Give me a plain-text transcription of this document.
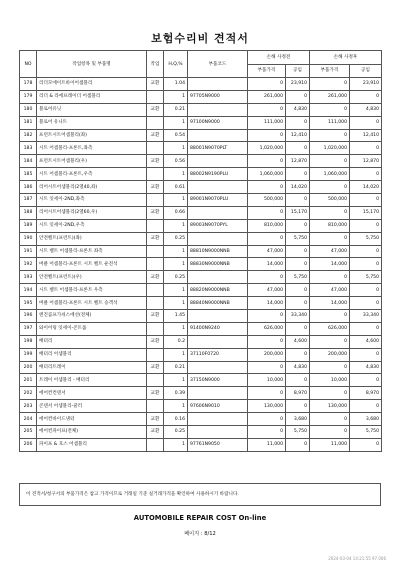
보험수리비 견적서
NO	작업항목 및 부품명	작업	H,Q,%	부품코드	손해 사정전		손해 사정후	
					부품가격	공임	부품가격	공임
178	리더모에이트바이어셈블리	교환	1.04		0	23,910	0	23,910
179	리더 & 라에프레이더 어셈블리		1	97705N9000	261,000	0	261,000	0
180	블로어유닛	교환	0.21		0	4,830	0	4,830
181	블로어 유니트		1	97100N9000	111,000	0	111,000	0
182	프런트시트어셈블리(좌)	교환	0.54		0	12,410	0	12,410
183	시트 어셈블리-프론트,좌측		1	88001N9070PLT	1,020,000	0	1,020,000	0
184	프런트시트어셈블리(우)	교환	0.56		0	12,870	0	12,870
185	시트 어셈블리-프론트,우측		1	88002N9190PLU	1,060,000	0	1,060,000	0
186	리어시트어셈블리(2열40,좌)	교환	0.61		0	14,020	0	14,020
187	시트 잇세이-2ND,좌측		1	89001N9070PLU	500,000	0	500,000	0
188	리어시트어셈블리(2열60,우)	교환	0.66		0	15,170	0	15,170
189	시트 잇세이-2ND,우측		1	89003N9070PYL	810,000	0	810,000	0
190	안전벨트(프런트)(좌)	교환	0.25		0	5,750	0	5,750
191	시트 벨트 어셈블리-프론트 좌측		1	88810N9000NNB	47,000	0	47,000	0
192	버클 어셈블리-프론트 시트 벨트 운전석		1	88830N9000NNB	14,000	0	14,000	0
193	안전벨트(프런트)(우)	교환	0.25		0	5,750	0	5,750
194	시트 벨트 어셈블리-프론트 우측		1	88820N9000NNB	47,000	0	47,000	0
195	버클 어셈블리-프론트 시트 벨트 승객석		1	88840N9000NNB	14,000	0	14,000	0
196	엔진콤프가쉬스에선(전체)	교환	1.45		0	33,340	0	33,340
197	와이어링 잇세이-콘트롤		1	91400N9240	626,000	0	626,000	0
198	배터리	교환	0.2		0	4,600	0	4,600
199	배터리 어셈블리		1	37110F0720	200,000	0	200,000	0
200	배터리트레이	교환	0.21		0	4,830	0	4,830
201	트레이 어셈블리 - 배터리		1	37150N9000	10,000	0	10,000	0
202	에어컨컨덴서	교환	0.39		0	8,970	0	8,970
203	콘덴서 어셈블리-쿨러		1	97606N9010	130,000	0	130,000	0
204	에어컨바이드냉터	교환	0.16		0	3,680	0	3,680
205	에어컨파이프(전체)	교환	0.25		0	5,750	0	5,750
206	파이프 & 호스 어셈블리		1	97761N9050	11,000	0	11,000	0
이 견적서/청구서의 부품가격은 참고 가격이므로 거래일 기준 실거래가격을 확인하여 사용하시기 바랍니다.
AUTOMOBILE REPAIR COST On-line
페이지 : 8/12
2024-03-04 14:21:55 97.006
